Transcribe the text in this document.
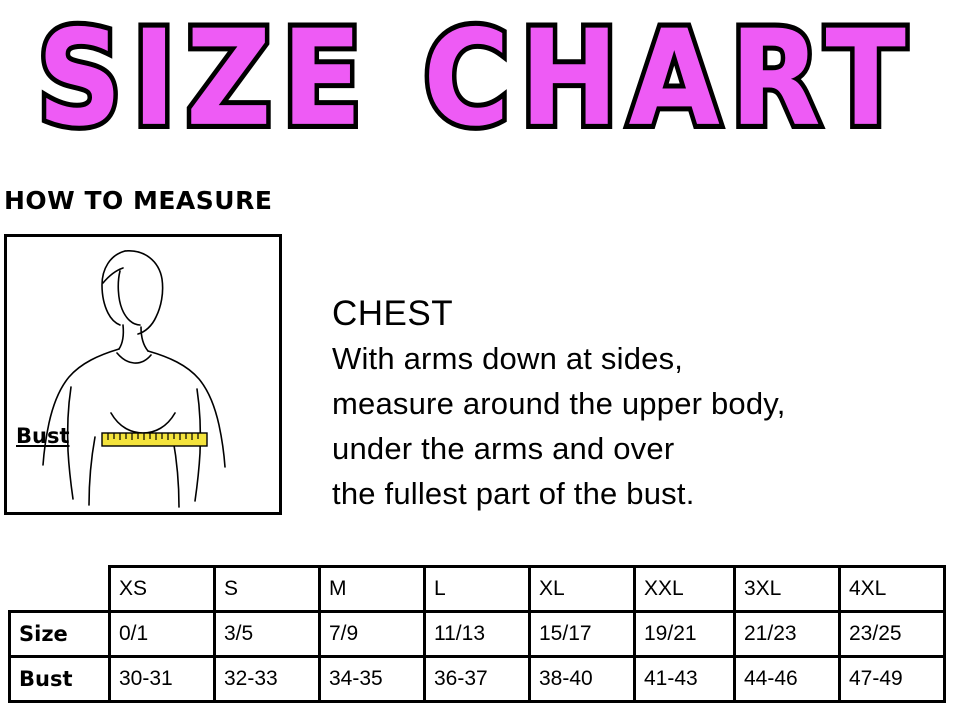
SIZE CHART
HOW TO MEASURE
Bust
CHEST
With arms down at sides,
measure around the upper body,
under the arms and over
the fullest part of the bust.
	XS	S	M	L	XL	XXL	3XL	4XL
Size	0/1	3/5	7/9	11/13	15/17	19/21	21/23	23/25
Bust	30-31	32-33	34-35	36-37	38-40	41-43	44-46	47-49
